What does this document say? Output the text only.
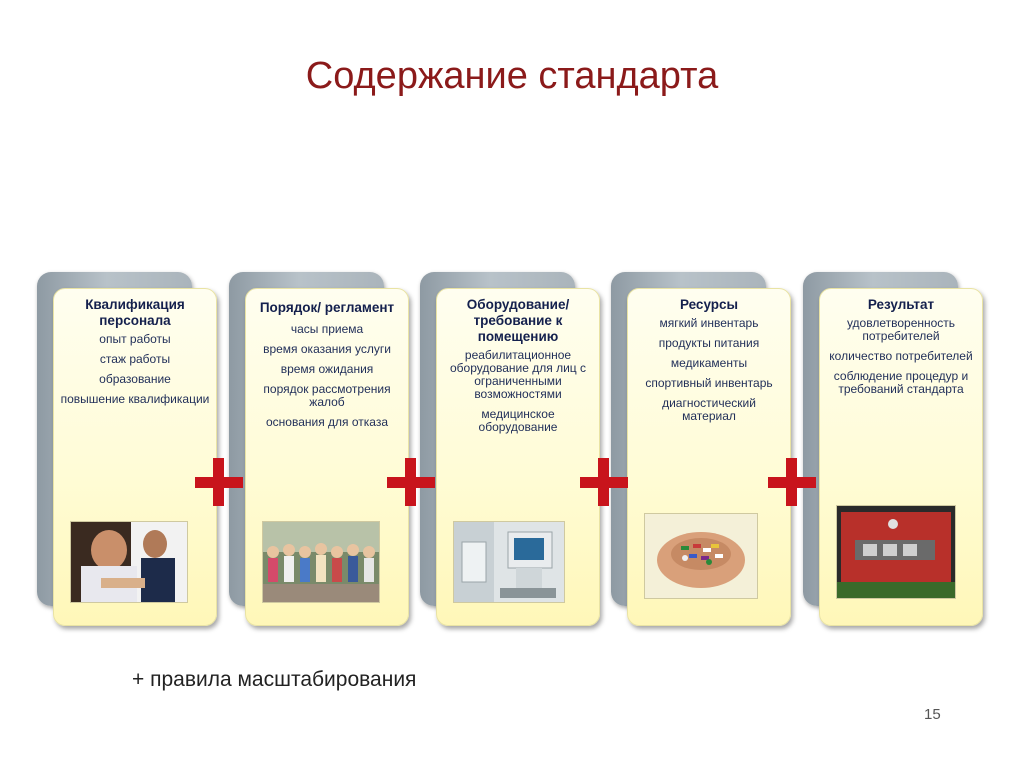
Содержание стандарта
Квалификация персонала
опыт работы
стаж работы
образование
повышение квалификации
Порядок/ регламент
часы приема
время оказания услуги
время ожидания
порядок рассмотрения жалоб
основания для отказа
Оборудование/ требование к помещению
реабилитационное оборудование для лиц с ограниченными возможностями
медицинское оборудование
Ресурсы
мягкий инвентарь
продукты питания
медикаменты
спортивный инвентарь
диагностический материал
Результат
удовлетворенность потребителей
количество потребителей
соблюдение процедур и требований стандарта
+ правила масштабирования
15
